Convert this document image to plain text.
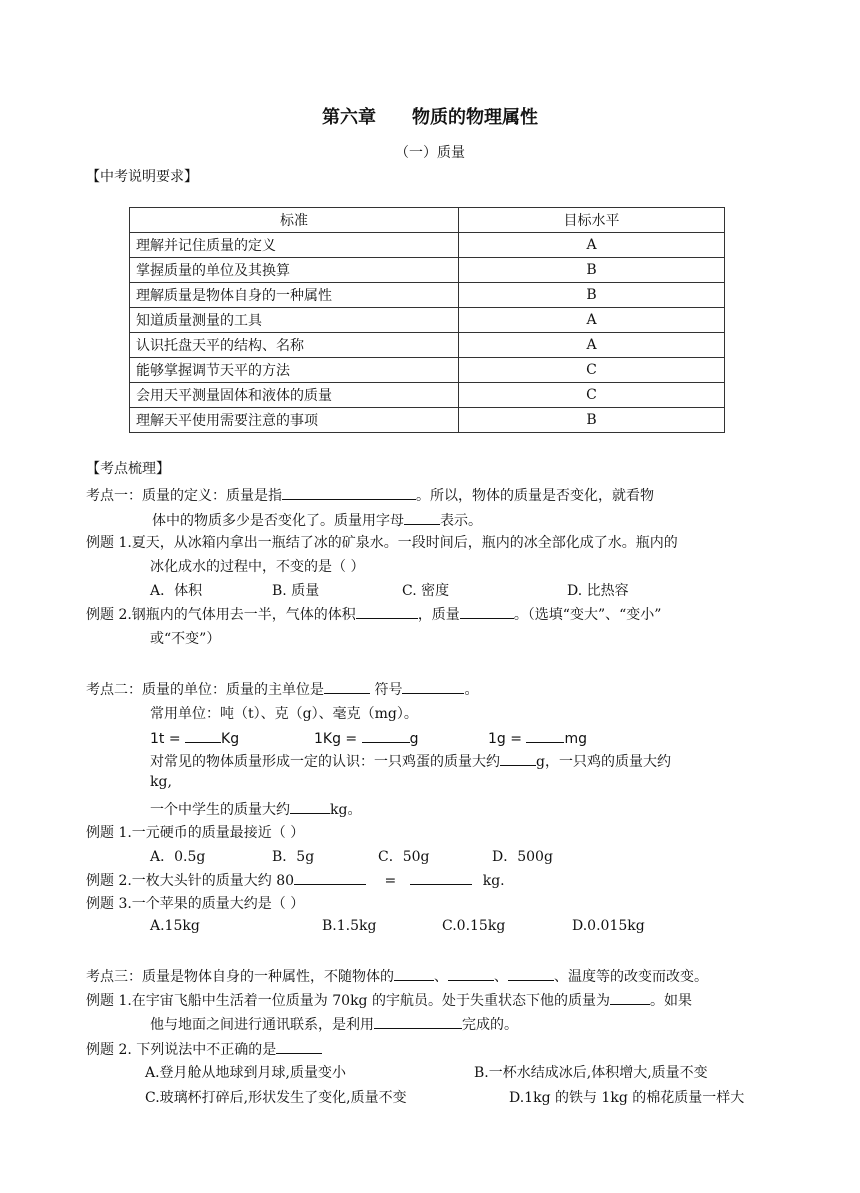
第六章 物质的物理属性
（一）质量
【中考说明要求】
标准	目标水平
理解并记住质量的定义	A
掌握质量的单位及其换算	B
理解质量是物体自身的一种属性	B
知道质量测量的工具	A
认识托盘天平的结构、名称	A
能够掌握调节天平的方法	C
会用天平测量固体和液体的质量	C
理解天平使用需要注意的事项	B
【考点梳理】
考点一：质量的定义：质量是指	。所以，物体的质量是否变化，就看物
体中的物质多少是否变化了。质量用字母	表示。
例题 1.夏天，从冰箱内拿出一瓶结了冰的矿泉水。一段时间后，瓶内的冰全部化成了水。瓶内的
冰化成水的过程中，不变的是（ ）
A．体积	B. 质量	C. 密度	D. 比热容
例题 2.钢瓶内的气体用去一半，气体的体积	，质量	。（选填“变大”、“变小”
或“不变”）
考点二：质量的单位：质量的主单位是	符号	。
常用单位：吨（t）、克（g）、毫克（mg）。
1t =	Kg	1Kg =	g	1g =	mg
对常见的物体质量形成一定的认识：一只鸡蛋的质量大约	g，一只鸡的质量大约
kg,
一个中学生的质量大约	kg。
例题 1.一元硬币的质量最接近（ ）
A．0.5g	B．5g	C．50g	D．500g
例题 2.一枚大头针的质量大约 80	=	kg.
例题 3.一个苹果的质量大约是（ ）
A.15kg	B.1.5kg	C.0.15kg	D.0.015kg
考点三：质量是物体自身的一种属性，不随物体的	、	、	、温度等的改变而改变。
例题 1.在宇宙飞船中生活着一位质量为 70kg 的宇航员。处于失重状态下他的质量为	。如果
他与地面之间进行通讯联系，是利用	完成的。
例题 2. 下列说法中不正确的是
A.登月舱从地球到月球,质量变小	B.一杯水结成冰后,体积增大,质量不变
C.玻璃杯打碎后,形状发生了变化,质量不变	D.1kg 的铁与 1kg 的棉花质量一样大
